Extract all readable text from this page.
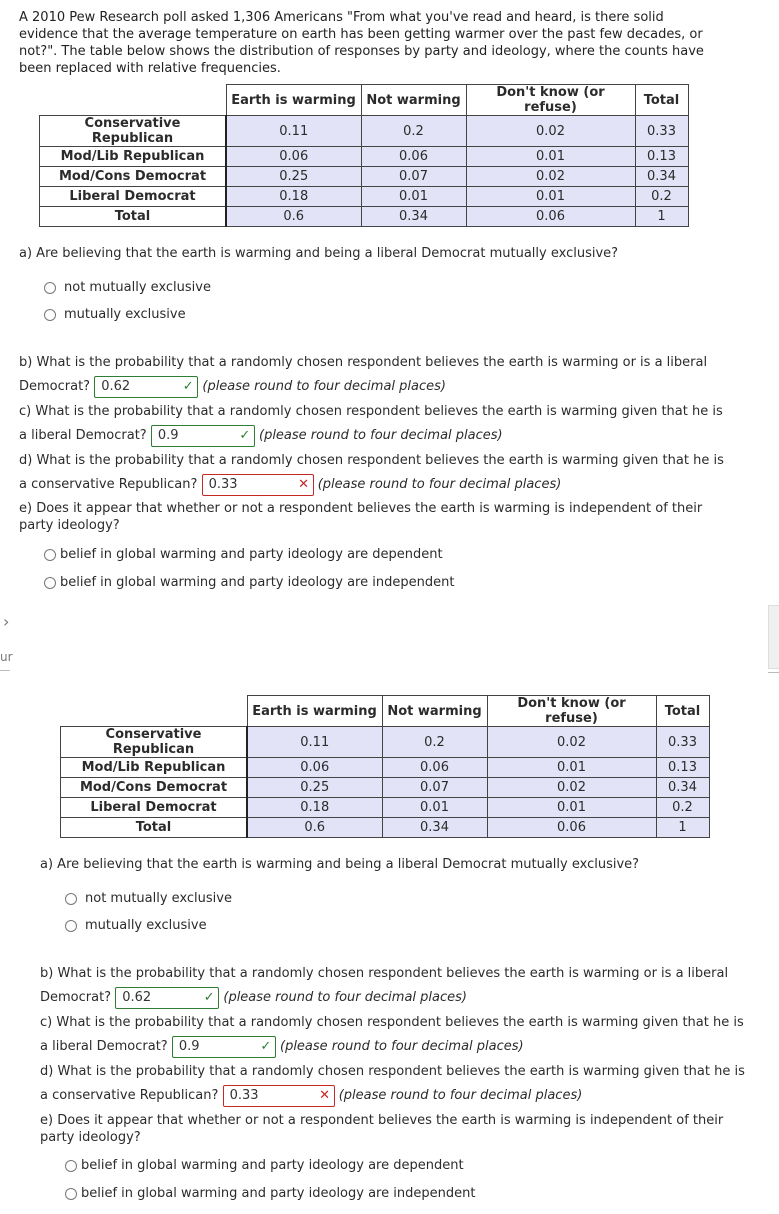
A 2010 Pew Research poll asked 1,306 Americans "From what you've read and heard, is there solid evidence that the average temperature on earth has been getting warmer over the past few decades, or not?". The table below shows the distribution of responses by party and ideology, where the counts have been replaced with relative frequencies.
	Earth is warming	Not warming	Don't know (or refuse)	Total
Conservative Republican	0.11	0.2	0.02	0.33
Mod/Lib Republican	0.06	0.06	0.01	0.13
Mod/Cons Democrat	0.25	0.07	0.02	0.34
Liberal Democrat	0.18	0.01	0.01	0.2
Total	0.6	0.34	0.06	1
a) Are believing that the earth is warming and being a liberal Democrat mutually exclusive?
not mutually exclusive
mutually exclusive
b) What is the probability that a randomly chosen respondent believes the earth is warming or is a liberal
Democrat? 0.62	✓ (please round to four decimal places)
c) What is the probability that a randomly chosen respondent believes the earth is warming given that he is
a liberal Democrat? 0.9	✓ (please round to four decimal places)
d) What is the probability that a randomly chosen respondent believes the earth is warming given that he is
a conservative Republican? 0.33	✕ (please round to four decimal places)
e) Does it appear that whether or not a respondent believes the earth is warming is independent of their party ideology?
belief in global warming and party ideology are dependent
belief in global warming and party ideology are independent
›
ur
	Earth is warming	Not warming	Don't know (or refuse)	Total
Conservative Republican	0.11	0.2	0.02	0.33
Mod/Lib Republican	0.06	0.06	0.01	0.13
Mod/Cons Democrat	0.25	0.07	0.02	0.34
Liberal Democrat	0.18	0.01	0.01	0.2
Total	0.6	0.34	0.06	1
a) Are believing that the earth is warming and being a liberal Democrat mutually exclusive?
not mutually exclusive
mutually exclusive
b) What is the probability that a randomly chosen respondent believes the earth is warming or is a liberal
Democrat? 0.62	✓ (please round to four decimal places)
c) What is the probability that a randomly chosen respondent believes the earth is warming given that he is
a liberal Democrat? 0.9	✓ (please round to four decimal places)
d) What is the probability that a randomly chosen respondent believes the earth is warming given that he is
a conservative Republican? 0.33	✕ (please round to four decimal places)
e) Does it appear that whether or not a respondent believes the earth is warming is independent of their party ideology?
belief in global warming and party ideology are dependent
belief in global warming and party ideology are independent
